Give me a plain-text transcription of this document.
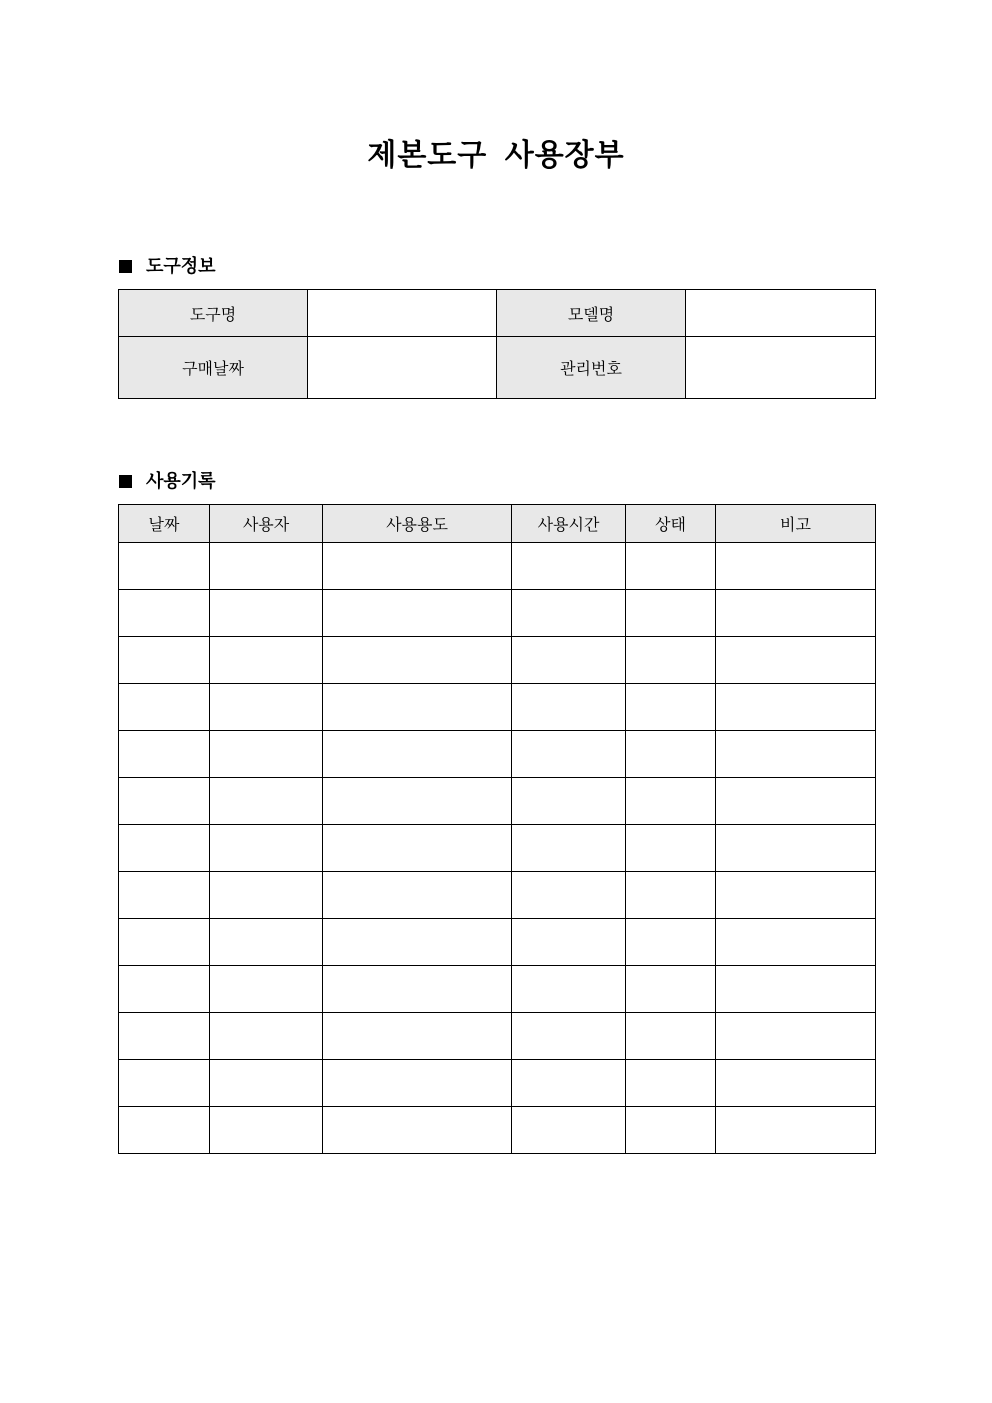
제본도구 사용장부
도구정보
도구명		모델명	
구매날짜		관리번호	
사용기록
날짜	사용자	사용용도	사용시간	상태	비고
